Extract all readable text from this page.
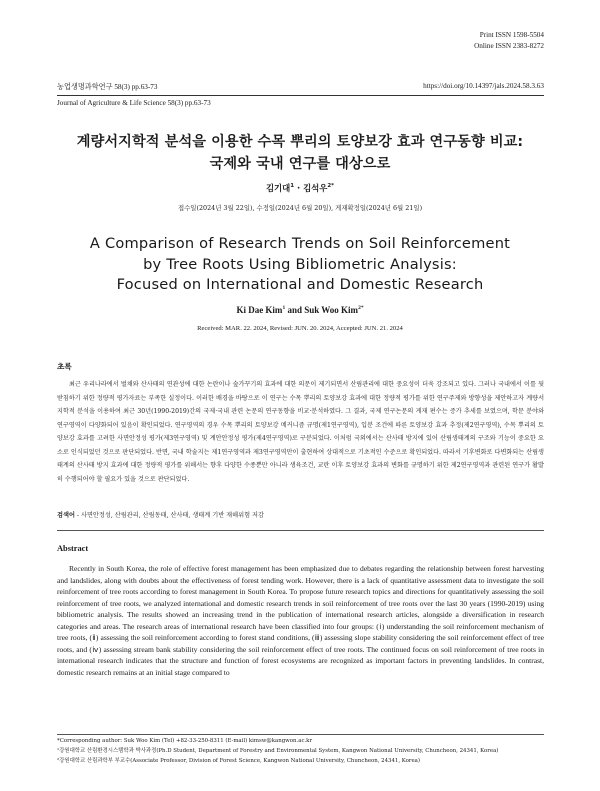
Print ISSN 1598-5504
Online ISSN 2383-8272
농업생명과학연구 58(3) pp.63-73	https://doi.org/10.14397/jals.2024.58.3.63
Journal of Agriculture & Life Science 58(3) pp.63-73
계량서지학적 분석을 이용한 수목 뿌리의 토양보강 효과 연구동향 비교:
국제와 국내 연구를 대상으로
김기대$^1$ · 김석우$^{2*}$
접수일(2024년 3월 22일), 수정일(2024년 6월 20일), 게재확정일(2024년 6월 21일)
A Comparison of Research Trends on Soil Reinforcement
by Tree Roots Using Bibliometric Analysis:
Focused on International and Domestic Research
Ki Dae Kim$^1$ and Suk Woo Kim$^{2*}$
Received: MAR. 22. 2024, Revised: JUN. 20. 2024, Accepted: JUN. 21. 2024
초록

최근 우리나라에서 벌채와 산사태의 연관성에 대한 논란이나 숲가꾸기의 효과에 대한 의문이 제기되면서 산림관리에 대한 중요성이 더욱 강조되고 있다. 그러나 국내에서 이를 뒷받침하기 위한 정량적 평가자료는 부족한 실정이다. 이러한 배경을 바탕으로 이 연구는 수목 뿌리의 토양보강 효과에 대한 정량적 평가를 위한 연구주제와 방향성을 제안하고자 계량서지학적 분석을 이용하여 최근 30년(1990-2019)간의 국제·국내 관련 논문의 연구동향을 비교·분석하였다. 그 결과, 국제 연구논문의 게재 편수는 증가 추세를 보였으며, 학문 분야와 연구영역이 다양화되어 있음이 확인되었다. 연구영역의 경우 수목 뿌리의 토양보강 메커니즘 규명(제1연구영역), 입분 조건에 따른 토양보강 효과 추정(제2연구영역), 수목 뿌리의 토양보강 효과를 고려한 사면안정성 평가(제3연구영역) 및 계안안정성 평가(제4연구영역)로 구분되었다. 이처럼 국외에서는 산사태 방지에 있어 산림생태계의 구조와 기능이 중요한 요소로 인식되었던 것으로 판단되었다. 반면, 국내 학술지는 제1연구영역과 제3연구영역만이 출현하여 상대적으로 기초적인 수준으로 확인되었다. 따라서 기후변화로 다변화되는 산림생태계의 산사태 방지 효과에 대한 정량적 평가를 위해서는 향후 다양한 수종뿐만 아니라 생육조건, 교란 이후 토양보강 효과의 변화를 규명하기 위한 제2연구영역과 관련된 연구가 활발히 수행되어야 할 필요가 있을 것으로 판단되었다.

검색어 - 사면안정성, 산림관리, 산림동태, 산사태, 생태계 기반 재해위험 저감
Abstract

Recently in South Korea, the role of effective forest management has been emphasized due to debates regarding the relationship between forest harvesting and landslides, along with doubts about the effectiveness of forest tending work. However, there is a lack of quantitative assessment data to investigate the soil reinforcement of tree roots according to forest management in South Korea. To propose future research topics and directions for quantitatively assessing the soil reinforcement of tree roots, we analyzed international and domestic research trends in soil reinforcement of tree roots over the last 30 years (1990-2019) using bibliometric analysis. The results showed an increasing trend in the publication of international research articles, alongside a diversification in research categories and areas. The research areas of international research have been classified into four groups: (ⅰ) understanding the soil reinforcement mechanism of tree roots, (ⅱ) assessing the soil reinforcement according to forest stand conditions, (ⅲ) assessing slope stability considering the soil reinforcement effect of tree roots, and (ⅳ) assessing stream bank stability considering the soil reinforcement effect of tree roots. The continued focus on soil reinforcement of tree roots in international research indicates that the structure and function of forest ecosystems are recognized as important factors in preventing landslides. In contrast, domestic research remains at an initial stage compared to

*Corresponding author: Suk Woo Kim (Tel) +82-33-250-8311 (E-mail) kimsw@kangwon.ac.kr
¹강원대학교 산림환경시스템학과 박사과정(Ph.D Student, Department of Forestry and Environmental System, Kangwon National University, Chuncheon, 24341, Korea)
²강원대학교 산림과학부 부교수(Associate Professor, Division of Forest Science, Kangwon National University, Chuncheon, 24341, Korea)
